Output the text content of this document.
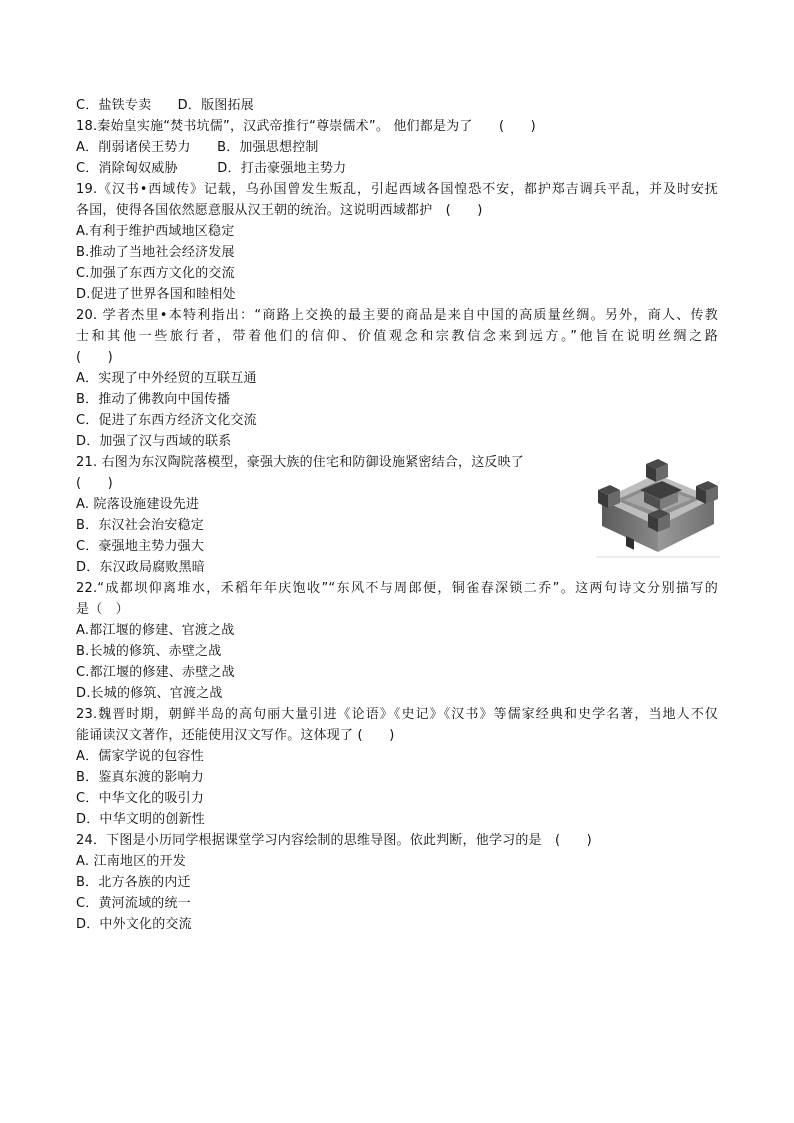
C．盐铁专卖　　D．版图拓展
18.秦始皇实施“焚书坑儒”，汉武帝推行“尊崇儒术”。 他们都是为了　　(　　)
A．削弱诸侯王势力　　B．加强思想控制
C．消除匈奴威胁　　　D．打击豪强地主势力
19.《汉书•西域传》记载，乌孙国曾发生叛乱，引起西域各国惶恐不安，都护郑吉调兵平乱，并及时安抚
各国，使得各国依然愿意服从汉王朝的统治。这说明西域都护　(　　)
A.有利于维护西域地区稳定
B.推动了当地社会经济发展
C.加强了东西方文化的交流
D.促进了世界各国和睦相处
20. 学者杰里•本特利指出：“商路上交换的最主要的商品是来自中国的高质量丝绸。另外，商人、传教
士和其他一些旅行者，带着他们的信仰、价值观念和宗教信念来到远方。”他旨在说明丝绸之路
(　　)
A．实现了中外经贸的互联互通
B．推动了佛教向中国传播
C．促进了东西方经济文化交流
D．加强了汉与西域的联系
21. 右图为东汉陶院落模型，豪强大族的住宅和防御设施紧密结合，这反映了
(　　)
A. 院落设施建设先进
B．东汉社会治安稳定
C．豪强地主势力强大
D．东汉政局腐败黑暗
22.“成都坝仰离堆水，禾稻年年庆饱收”“东风不与周郎便，铜雀春深锁二乔”。这两句诗文分别描写的
是（　）
A.都江堰的修建、官渡之战
B.长城的修筑、赤壁之战
C.都江堰的修建、赤壁之战
D.长城的修筑、官渡之战
23.魏晋时期，朝鲜半岛的高句丽大量引进《论语》《史记》《汉书》等儒家经典和史学名著，当地人不仅
能诵读汉文著作，还能使用汉文写作。这体现了 (　　)
A．儒家学说的包容性
B．鉴真东渡的影响力
C．中华文化的吸引力
D．中华文明的创新性
24．下图是小历同学根据课堂学习内容绘制的思维导图。依此判断，他学习的是　(　　)
A. 江南地区的开发
B．北方各族的内迁
C．黄河流域的统一
D．中外文化的交流
